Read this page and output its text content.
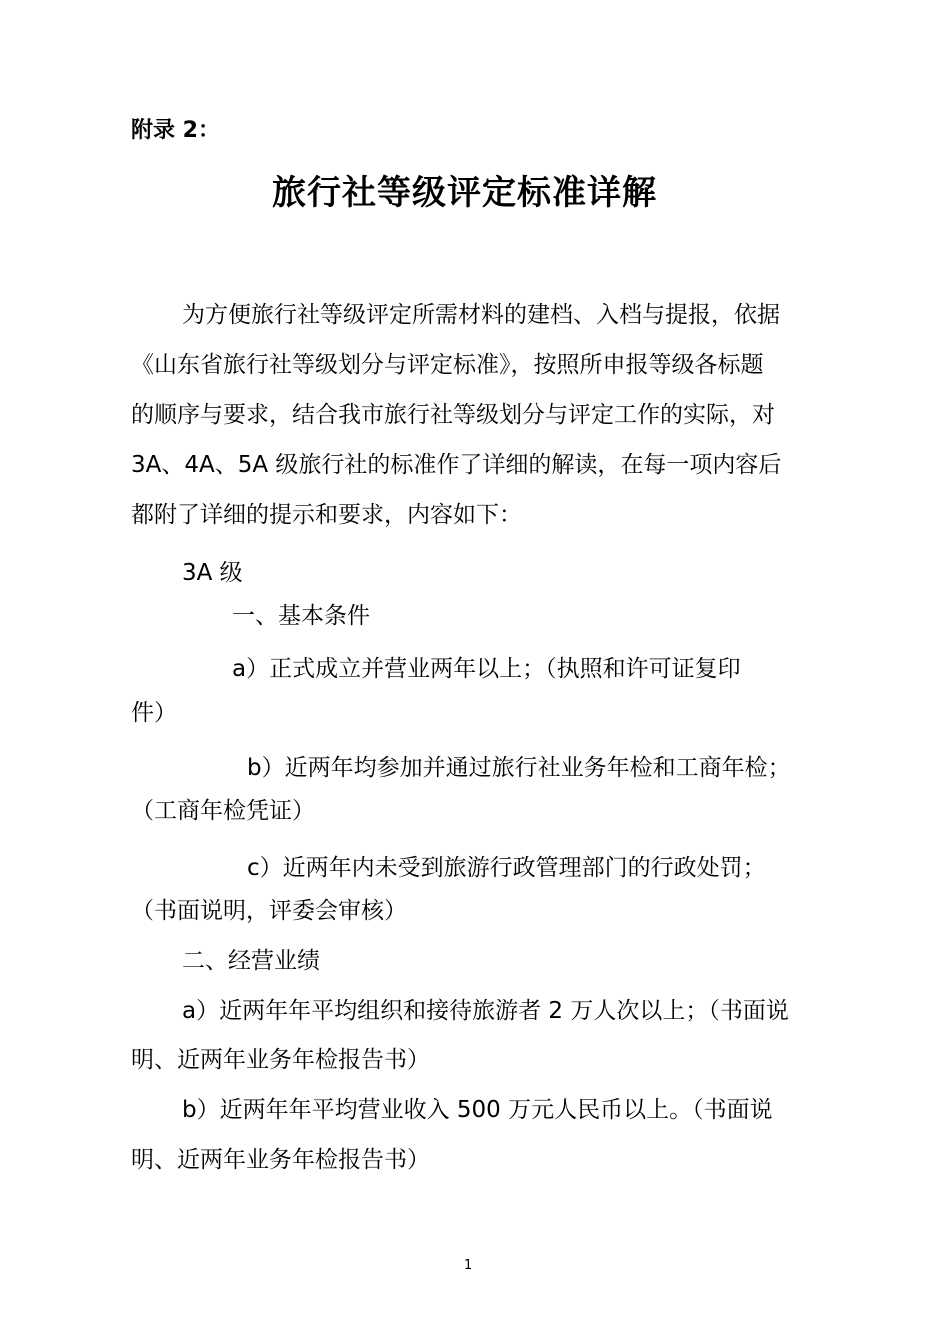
附录 2：

旅行社等级评定标准详解

为方便旅行社等级评定所需材料的建档、入档与提报，依据

《山东省旅行社等级划分与评定标准》，按照所申报等级各标题

的顺序与要求，结合我市旅行社等级划分与评定工作的实际，对

3A、4A、5A 级旅行社的标准作了详细的解读，在每一项内容后

都附了详细的提示和要求，内容如下：

3A 级

一、基本条件

a）正式成立并营业两年以上；（执照和许可证复印

件）

b）近两年均参加并通过旅行社业务年检和工商年检；

（工商年检凭证）

c）近两年内未受到旅游行政管理部门的行政处罚；

（书面说明，评委会审核）

二、经营业绩

a）近两年年平均组织和接待旅游者 2 万人次以上；（书面说

明、近两年业务年检报告书）

b）近两年年平均营业收入 500 万元人民币以上。（书面说

明、近两年业务年检报告书）

1
